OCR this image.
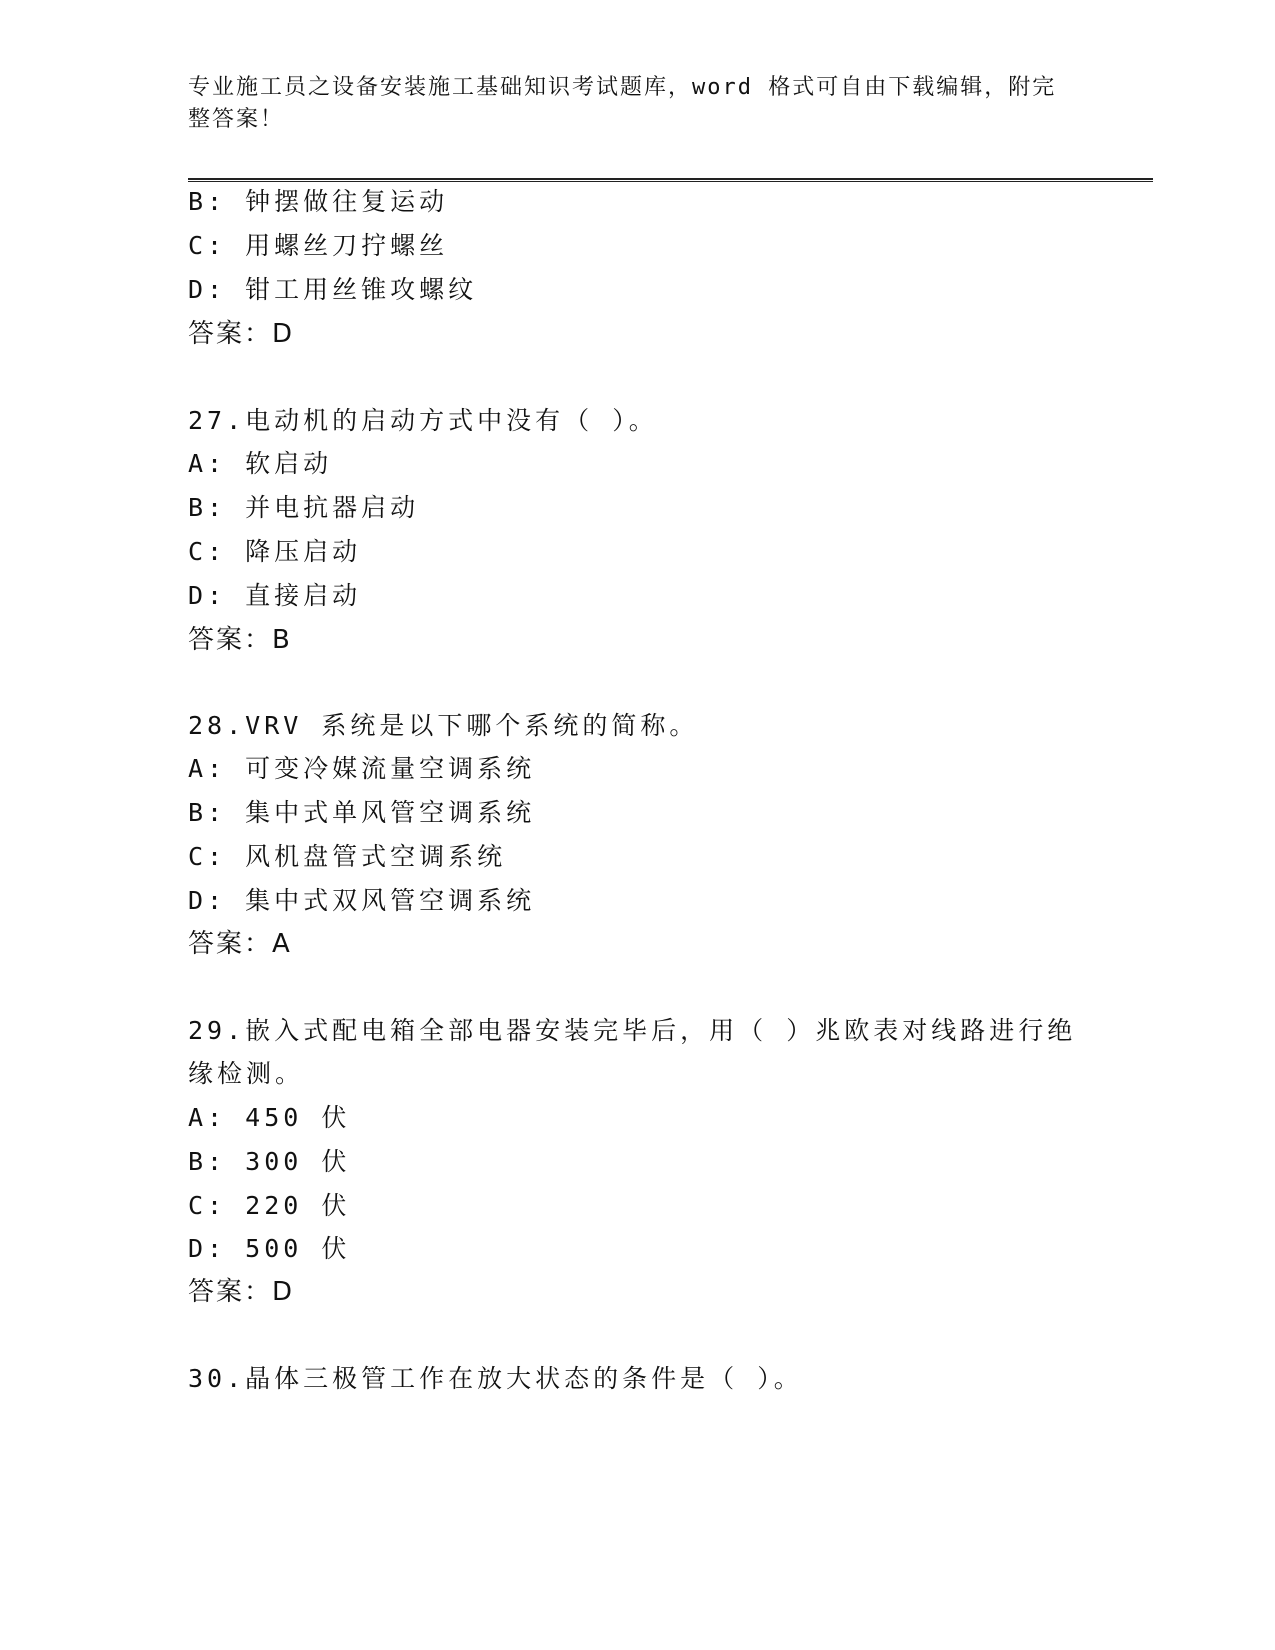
专业施工员之设备安装施工基础知识考试题库，word 格式可自由下载编辑，附完
整答案！
B: 钟摆做往复运动
C: 用螺丝刀拧螺丝
D: 钳工用丝锥攻螺纹
答案：D
27.电动机的启动方式中没有（ ）。
A: 软启动
B: 并电抗器启动
C: 降压启动
D: 直接启动
答案：B
28.VRV 系统是以下哪个系统的简称。
A: 可变冷媒流量空调系统
B: 集中式单风管空调系统
C: 风机盘管式空调系统
D: 集中式双风管空调系统
答案：A
29.嵌入式配电箱全部电器安装完毕后，用（ ）兆欧表对线路进行绝
缘检测。
A: 450 伏
B: 300 伏
C: 220 伏
D: 500 伏
答案：D
30.晶体三极管工作在放大状态的条件是（ ）。
